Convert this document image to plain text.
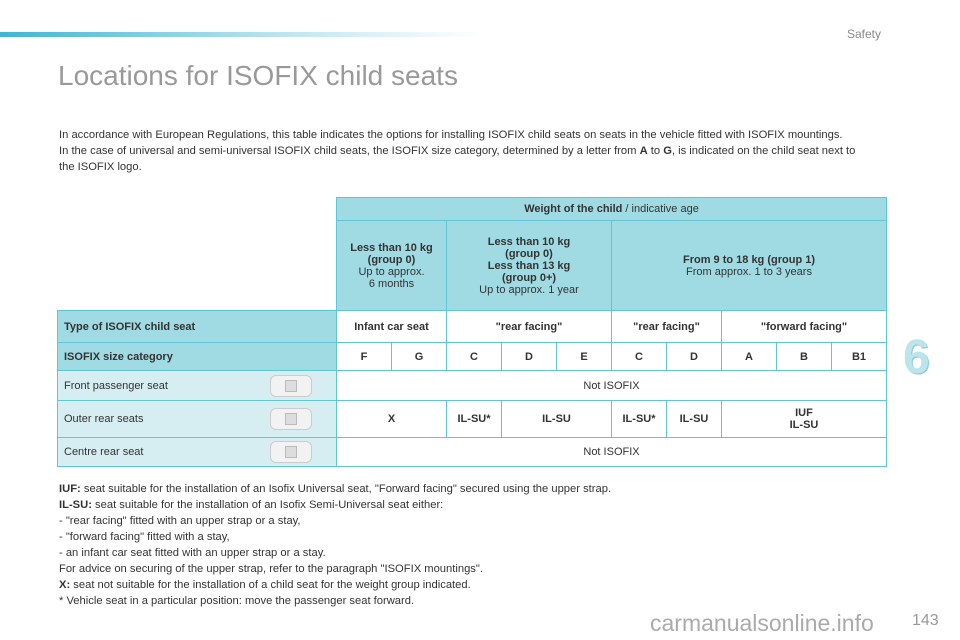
Safety
Locations for ISOFIX child seats

In accordance with European Regulations, this table indicates the options for installing ISOFIX child seats on seats in the vehicle fitted with ISOFIX mountings.

In the case of universal and semi-universal ISOFIX child seats, the ISOFIX size category, determined by a letter from A to G, is indicated on the child seat next to the ISOFIX logo.

	Weight of the child / indicative age									
	Less than 10 kg
(group 0)
Up to approx.
6 months		Less than 10 kg
(group 0)
Less than 13 kg
(group 0+)
Up to approx. 1 year			From 9 to 18 kg (group 1)
From approx. 1 to 3 years				
Type of ISOFIX child seat	Infant car seat		"rear facing"			"rear facing"		"forward facing"		
ISOFIX size category	F	G	C	D	E	C	D	A	B	B1
Front passenger seat	Not ISOFIX									
Outer rear seats	X		IL-SU*	IL-SU		IL-SU*	IL-SU	IUF
IL-SU		
Centre rear seat	Not ISOFIX									
6

IUF: seat suitable for the installation of an Isofix Universal seat, "Forward facing" secured using the upper strap.

IL-SU: seat suitable for the installation of an Isofix Semi-Universal seat either:

- "rear facing" fitted with an upper strap or a stay,

- "forward facing" fitted with a stay,

- an infant car seat fitted with an upper strap or a stay.

For advice on securing of the upper strap, refer to the paragraph "ISOFIX mountings".

X: seat not suitable for the installation of a child seat for the weight group indicated.

* Vehicle seat in a particular position: move the passenger seat forward.

143
carmanualsonline.info
